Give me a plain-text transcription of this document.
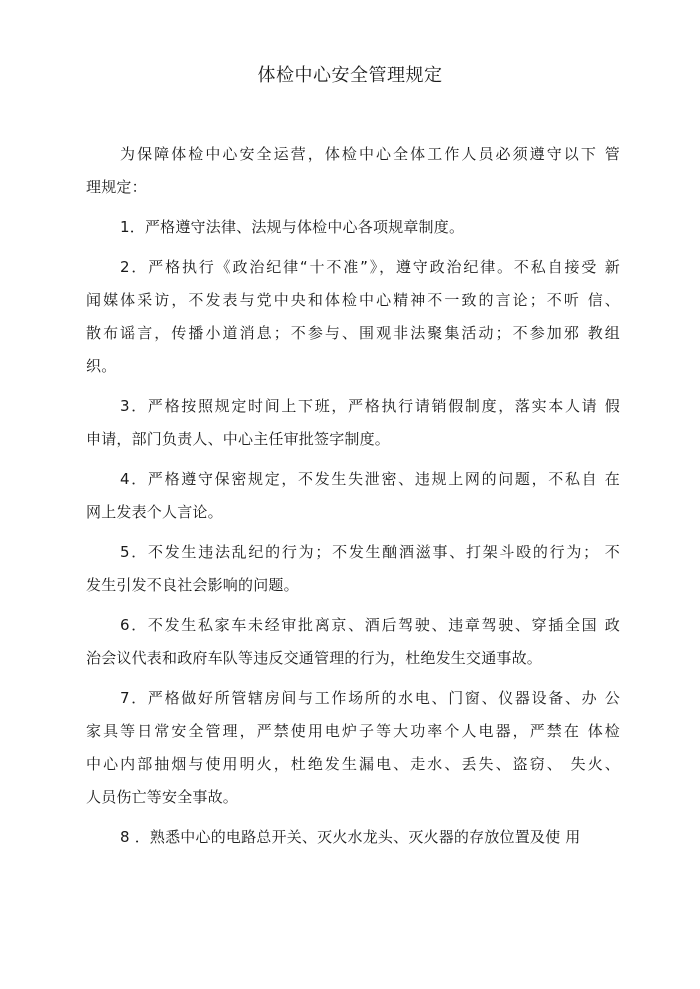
体检中心安全管理规定
为保障体检中心安全运营，体检中心全体工作人员必须遵守以下 管
理规定：
1．严格遵守法律、法规与体检中心各项规章制度。
2．严格执行《政治纪律“十不准”》，遵守政治纪律。不私自接受 新
闻媒体采访，不发表与党中央和体检中心精神不一致的言论；不听 信、
散布谣言，传播小道消息；不参与、围观非法聚集活动；不参加邪 教组
织。
3．严格按照规定时间上下班，严格执行请销假制度，落实本人请 假
申请，部门负责人、中心主任审批签字制度。
4．严格遵守保密规定，不发生失泄密、违规上网的问题，不私自 在
网上发表个人言论。
5．不发生违法乱纪的行为；不发生酗酒滋事、打架斗殴的行为； 不
发生引发不良社会影响的问题。
6．不发生私家车未经审批离京、酒后驾驶、违章驾驶、穿插全国 政
治会议代表和政府车队等违反交通管理的行为，杜绝发生交通事故。
7．严格做好所管辖房间与工作场所的水电、门窗、仪器设备、办 公
家具等日常安全管理，严禁使用电炉子等大功率个人电器，严禁在 体检
中心内部抽烟与使用明火，杜绝发生漏电、走水、丢失、盗窃、 失火、
人员伤亡等安全事故。
8 ．熟悉中心的电路总开关、灭火水龙头、灭火器的存放位置及使 用
